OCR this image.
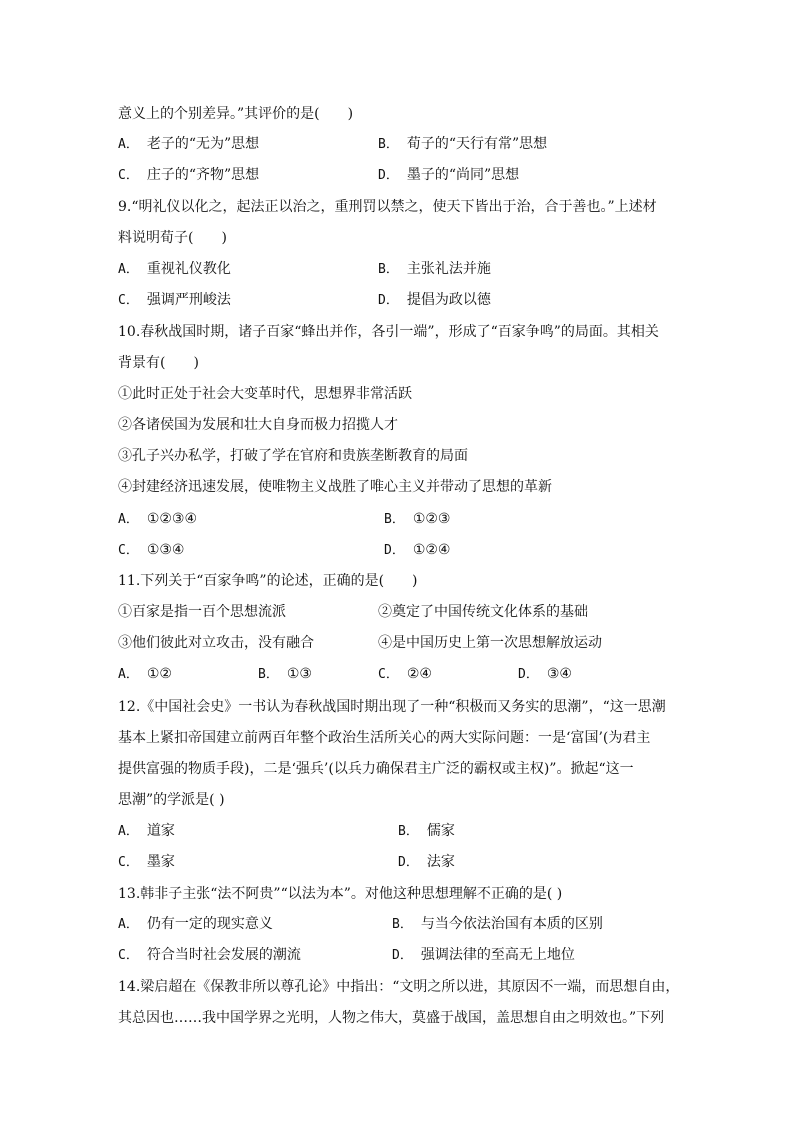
意义上的个别差异。”其评价的是(　　)
A． 老子的“无为”思想	B． 荀子的“天行有常”思想
C． 庄子的“齐物”思想	D． 墨子的“尚同”思想
9.“明礼仪以化之，起法正以治之，重刑罚以禁之，使天下皆出于治，合于善也。”上述材
料说明荀子(　　)
A． 重视礼仪教化	B． 主张礼法并施
C． 强调严刑峻法	D． 提倡为政以德
10.春秋战国时期，诸子百家“蜂出并作，各引一端”，形成了“百家争鸣”的局面。其相关
背景有(　　)
①此时正处于社会大变革时代，思想界非常活跃
②各诸侯国为发展和壮大自身而极力招揽人才
③孔子兴办私学，打破了学在官府和贵族垄断教育的局面
④封建经济迅速发展，使唯物主义战胜了唯心主义并带动了思想的革新
A． ①②③④	B． ①②③
C． ①③④	D． ①②④
11.下列关于“百家争鸣”的论述，正确的是(　　)
①百家是指一百个思想流派	②奠定了中国传统文化体系的基础
③他们彼此对立攻击，没有融合	④是中国历史上第一次思想解放运动
A． ①②	B． ①③	C． ②④	D． ③④
12.《中国社会史》一书认为春秋战国时期出现了一种“积极而又务实的思潮”，“这一思潮
基本上紧扣帝国建立前两百年整个政治生活所关心的两大实际问题：一是‘富国’(为君主
提供富强的物质手段)，二是‘强兵’(以兵力确保君主广泛的霸权或主权)”。掀起“这一
思潮”的学派是( )
A． 道家	B． 儒家
C． 墨家	D． 法家
13.韩非子主张“法不阿贵”“以法为本”。对他这种思想理解不正确的是( )
A． 仍有一定的现实意义	B． 与当今依法治国有本质的区别
C． 符合当时社会发展的潮流	D． 强调法律的至高无上地位
14.梁启超在《保教非所以尊孔论》中指出：“文明之所以进，其原因不一端，而思想自由，
其总因也……我中国学界之光明，人物之伟大，莫盛于战国，盖思想自由之明效也。”下列
